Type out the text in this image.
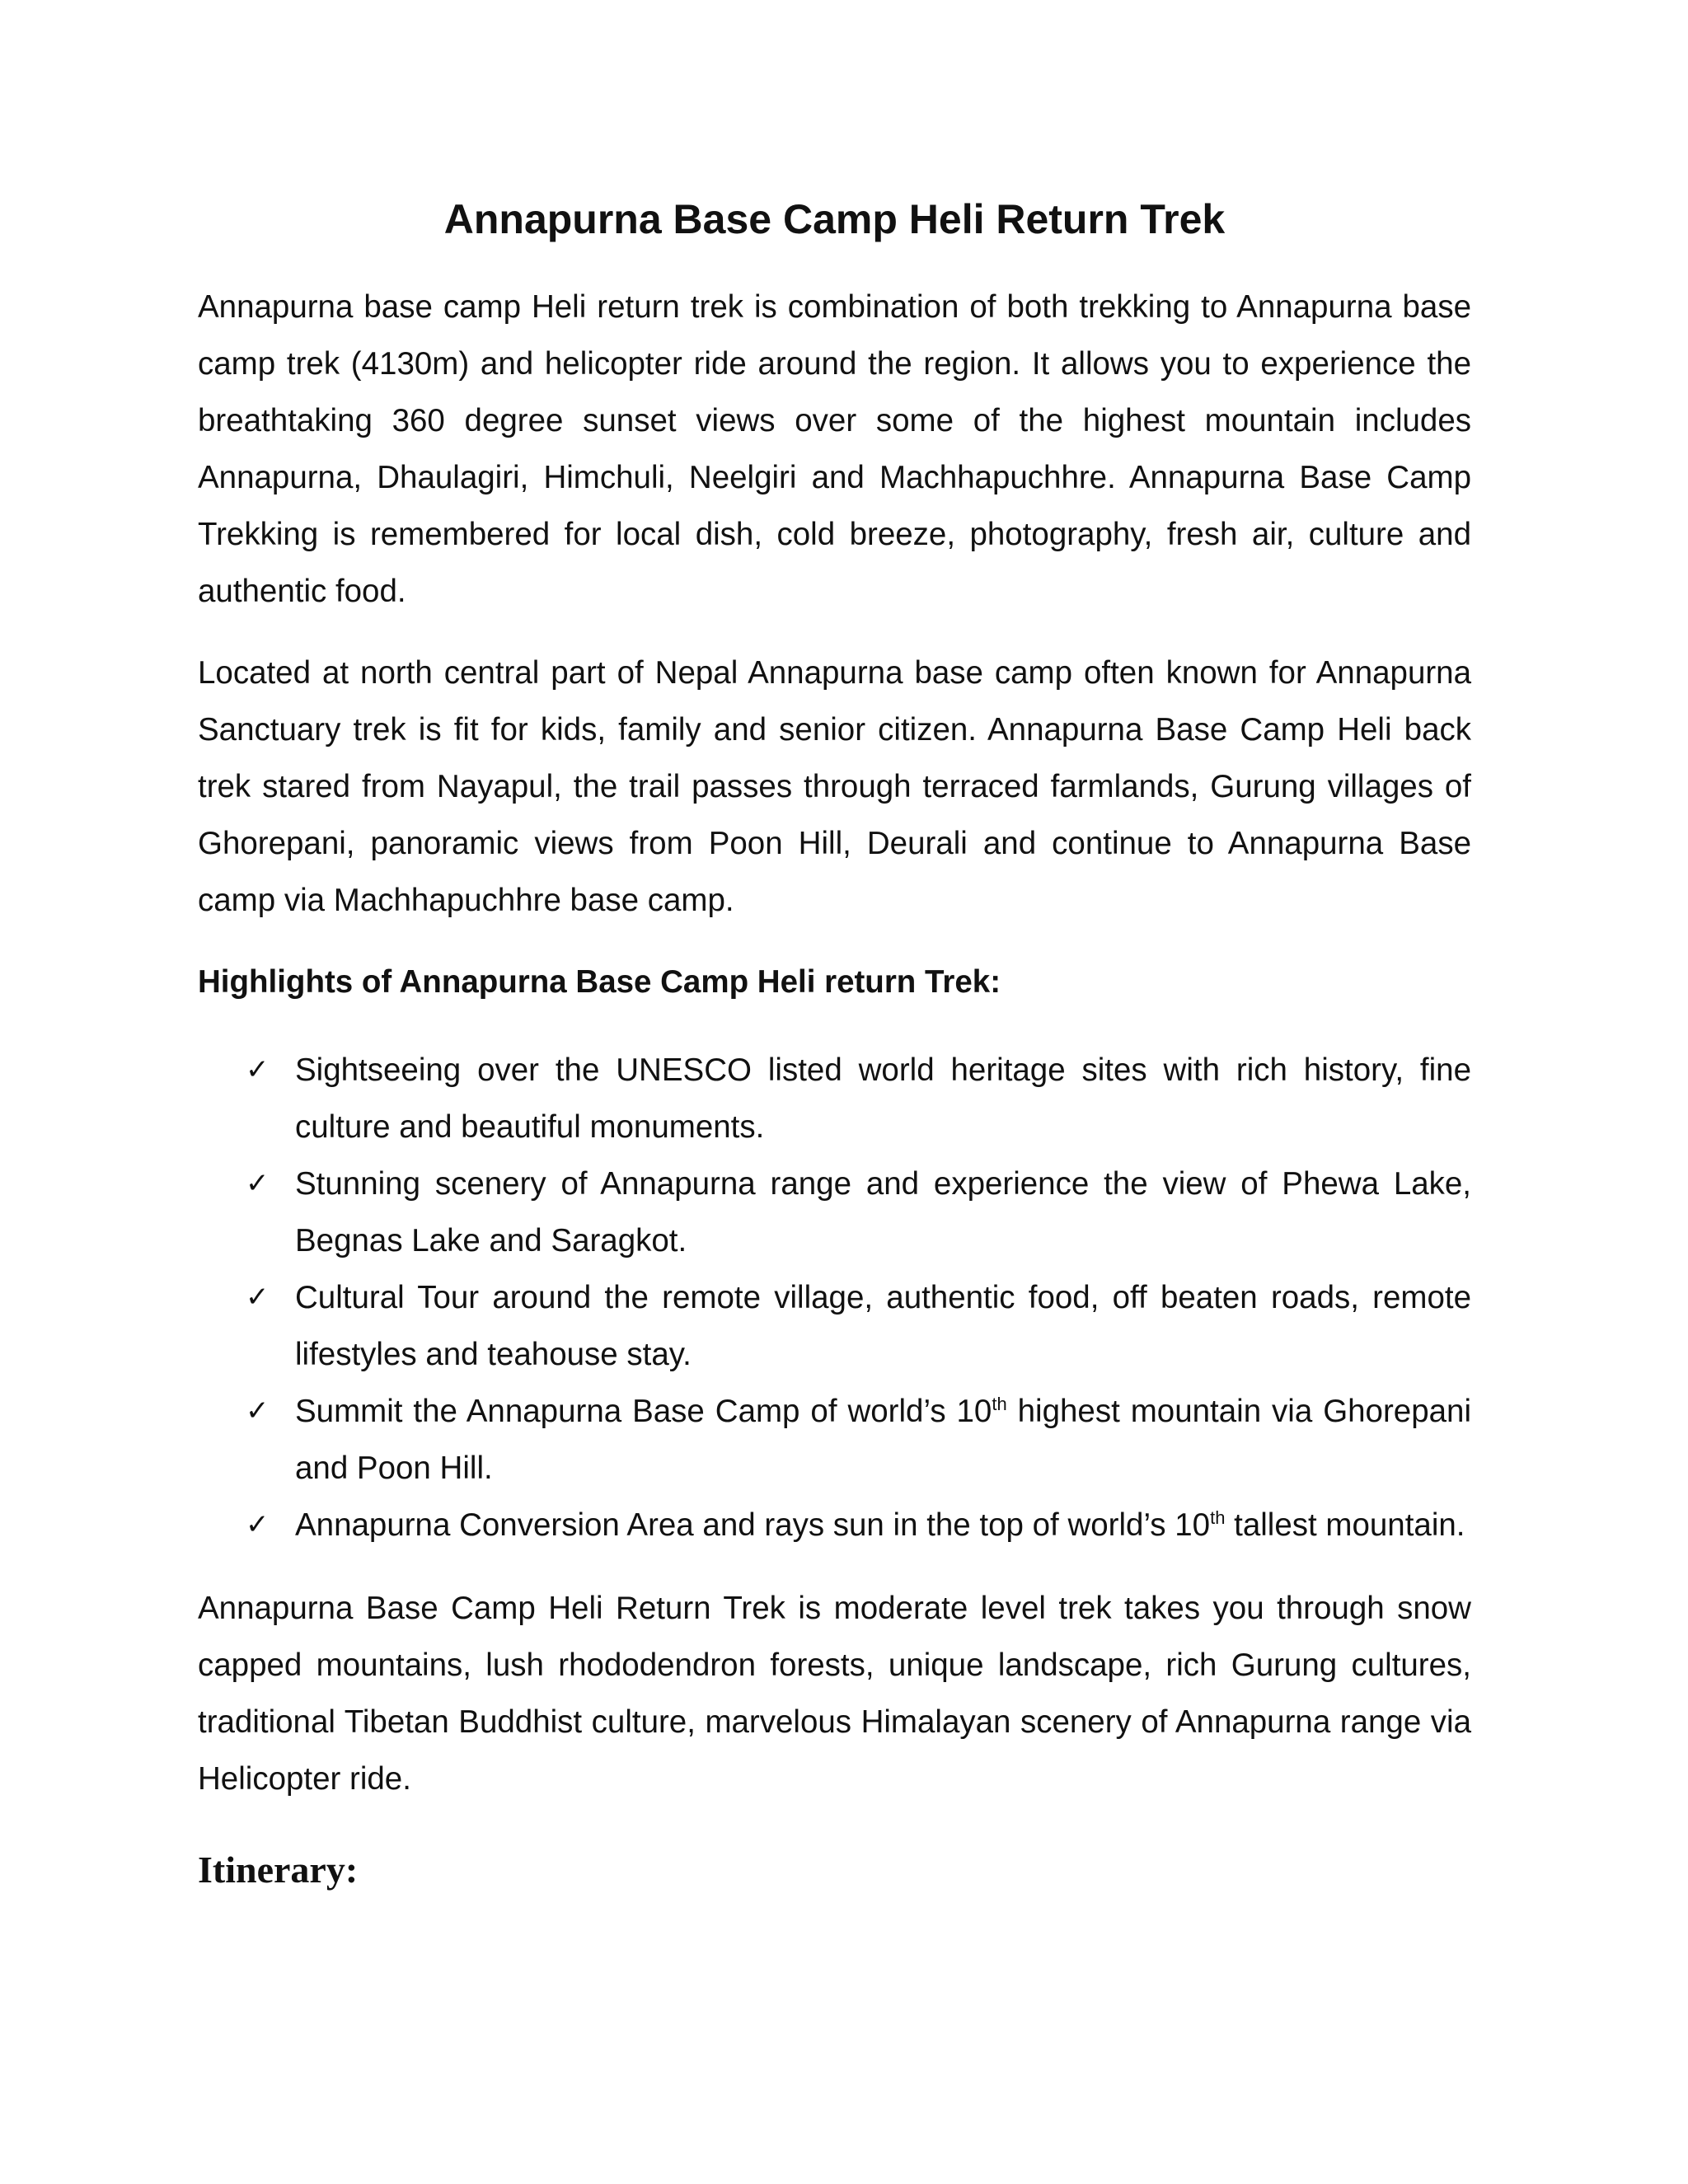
Annapurna Base Camp Heli Return Trek

Annapurna base camp Heli return trek is combination of both trekking to Annapurna base camp trek (4130m) and helicopter ride around the region. It allows you to experience the breathtaking 360 degree sunset views over some of the highest mountain includes Annapurna, Dhaulagiri, Himchuli, Neelgiri and Machhapuchhre. Annapurna Base Camp Trekking is remembered for local dish, cold breeze, photography, fresh air, culture and authentic food.

Located at north central part of Nepal Annapurna base camp often known for Annapurna Sanctuary trek is fit for kids, family and senior citizen. Annapurna Base Camp Heli back trek stared from Nayapul, the trail passes through terraced farmlands, Gurung villages of Ghorepani, panoramic views from Poon Hill, Deurali and continue to Annapurna Base camp via Machhapuchhre base camp.

Highlights of Annapurna Base Camp Heli return Trek:
✓ Sightseeing over the UNESCO listed world heritage sites with rich history, fine culture and beautiful monuments.
✓ Stunning scenery of Annapurna range and experience the view of Phewa Lake, Begnas Lake and Saragkot.
✓ Cultural Tour around the remote village, authentic food, off beaten roads, remote lifestyles and teahouse stay.
✓ Summit the Annapurna Base Camp of world’s 10th highest mountain via Ghorepani and Poon Hill.
✓ Annapurna Conversion Area and rays sun in the top of world’s 10th tallest mountain.

Annapurna Base Camp Heli Return Trek is moderate level trek takes you through snow capped mountains, lush rhododendron forests, unique landscape, rich Gurung cultures, traditional Tibetan Buddhist culture, marvelous Himalayan scenery of Annapurna range via Helicopter ride.

Itinerary:
